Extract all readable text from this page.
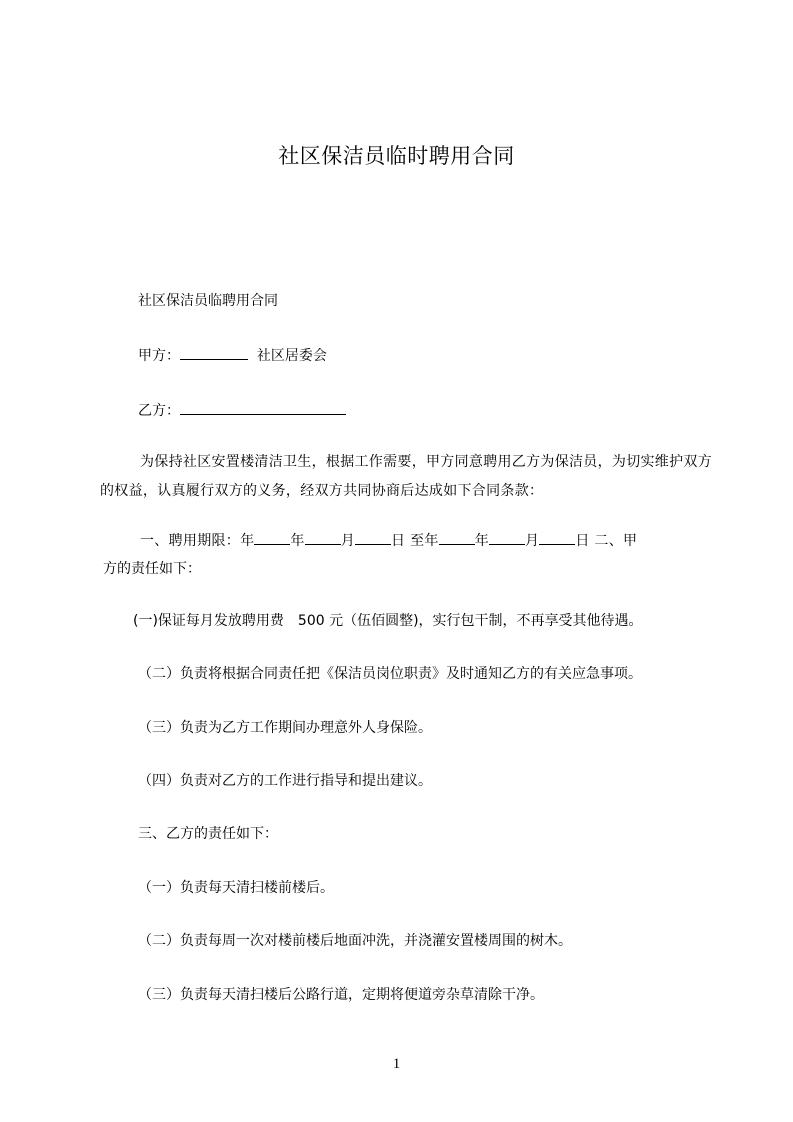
社区保洁员临时聘用合同
社区保洁员临聘用合同
甲方：	社区居委会
乙方：
为保持社区安置楼清洁卫生，根据工作需要，甲方同意聘用乙方为保洁员，为切实维护双方的权益，认真履行双方的义务，经双方共同协商后达成如下合同条款：
一、聘用期限：年	年	月	日 至年	年	月	日 二、甲
方的责任如下：
(一)保证每月发放聘用费　500 元（伍佰圆整)，实行包干制，不再享受其他待遇。
（二）负责将根据合同责任把《保洁员岗位职责》及时通知乙方的有关应急事项。
（三）负责为乙方工作期间办理意外人身保险。
（四）负责对乙方的工作进行指导和提出建议。
三、乙方的责任如下：
（一）负责每天清扫楼前楼后。
（二）负责每周一次对楼前楼后地面冲洗，并浇灌安置楼周围的树木。
（三）负责每天清扫楼后公路行道，定期将便道旁杂草清除干净。
1
